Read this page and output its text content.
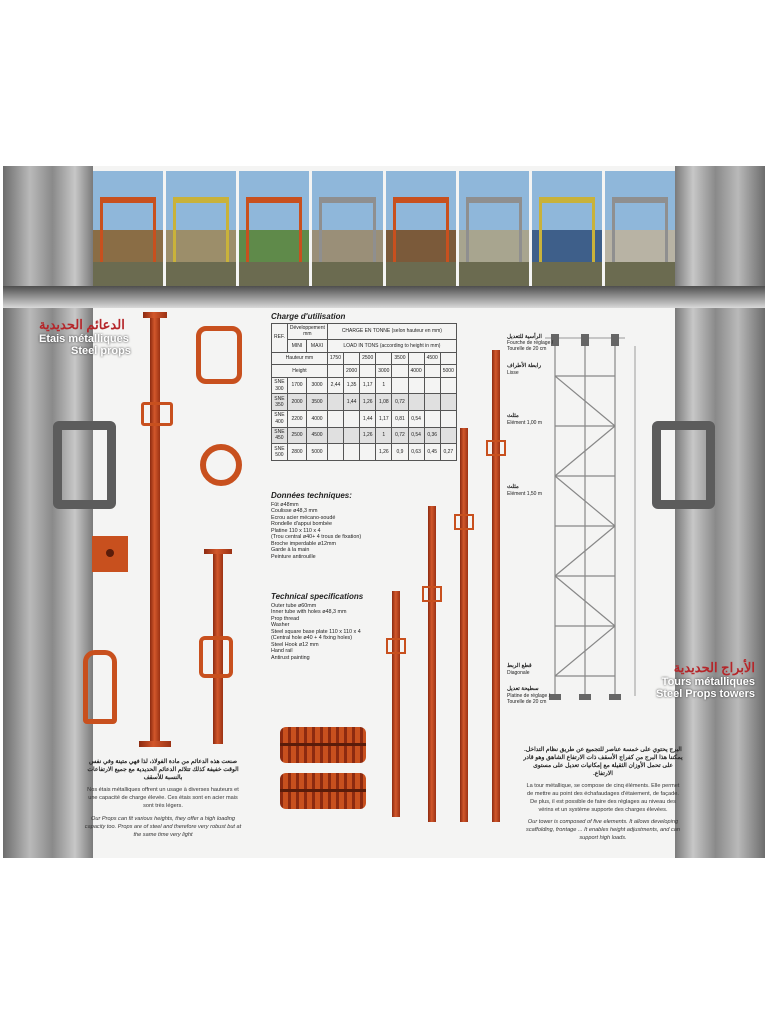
الدعائم الحديدية
Etais métalliques
Steel props
صنعت هذه الدعائم من مادة الفولاذ، لذا فهي متينة وفي نفس الوقت خفيفة كذلك تتلائم الدعائم الحديدية مع جميع الارتفاعات بالنسبة للأسقف
Nos étais métalliques offrent un usage à diverses hauteurs et une capacité de charge élevée. Ces étais sont en acier mais sont très légers.
Our Props can fit various heights, they offer a high loading capacity too. Props are of steel and therefore very robust but at the same time very light
Charge d'utilisation
REF.	Développement mm		CHARGE EN TONNE (selon hauteur en mm)							
	MINI	MAXI	LOAD IN TONS (according to height in mm)							
Hauteur mm			1750		2500		3500		4500	
Height				2000		3000		4000		5000
SNE 300	1700	3000	2,44	1,35	1,17	1				
SNE 350	2000	3500		1,44	1,26	1,08	0,72			
SNE 400	2200	4000			1,44	1,17	0,81	0,54		
SNE 450	2500	4500			1,26	1	0,72	0,54	0,36	
SNE 500	2800	5000				1,26	0,9	0,63	0,45	0,27
Données techniques:
Fût ø48mm
Coulisse ø48,3 mm
Ecrou acier mécano-soudé
Rondelle d'appui bombée
Platine 110 x 110 x 4
(Trou central ø40+ 4 trous de fixation)
Broche imperdable ø12mm
Garde à la main
Peinture antirouille
Technical specifications
Outer tube ø60mm
Inner tube with holes ø48,3 mm
Prop thread
Washer
Steel square base plate 110 x 110 x 4
(Central hole ø40 + 4 fixing holes)
Steel Hook ø12 mm
Hand rail
Antirust painting
الرأسية للتعديل
Fourche de réglage / Tourelle de 20 cm
رابطة الأطراف
Lisse
مثلث
Elément 1,00 m
مثلث
Elément 1,50 m
قطع الربط
Diagonale
سطيحة تعديل
Platine de réglage / Tourelle de 20 cm
الأبراج الحديدية
Tours métalliques
Steel Props towers
البرج يحتوي على خمسة عناصر للتجميع عن طريق نظام التداخل. يمكننا هذا البرج من كفراج الأسقف ذات الارتفاع الشاهق وهو قادر على تحمل الأوزان الثقيلة مع إمكانيات تعديل على مستوى الارتفاع.
La tour métallique, se compose de cinq éléments. Elle permet de mettre au point des échafaudages d'étaiement, de façade. De plus, il est possible de faire des réglages au niveau des vérins et un système supporte des charges élevées.
Our tower is composed of five elements. It allows developing scaffolding, frontage ... It enables height adjustments, and can support high loads.
